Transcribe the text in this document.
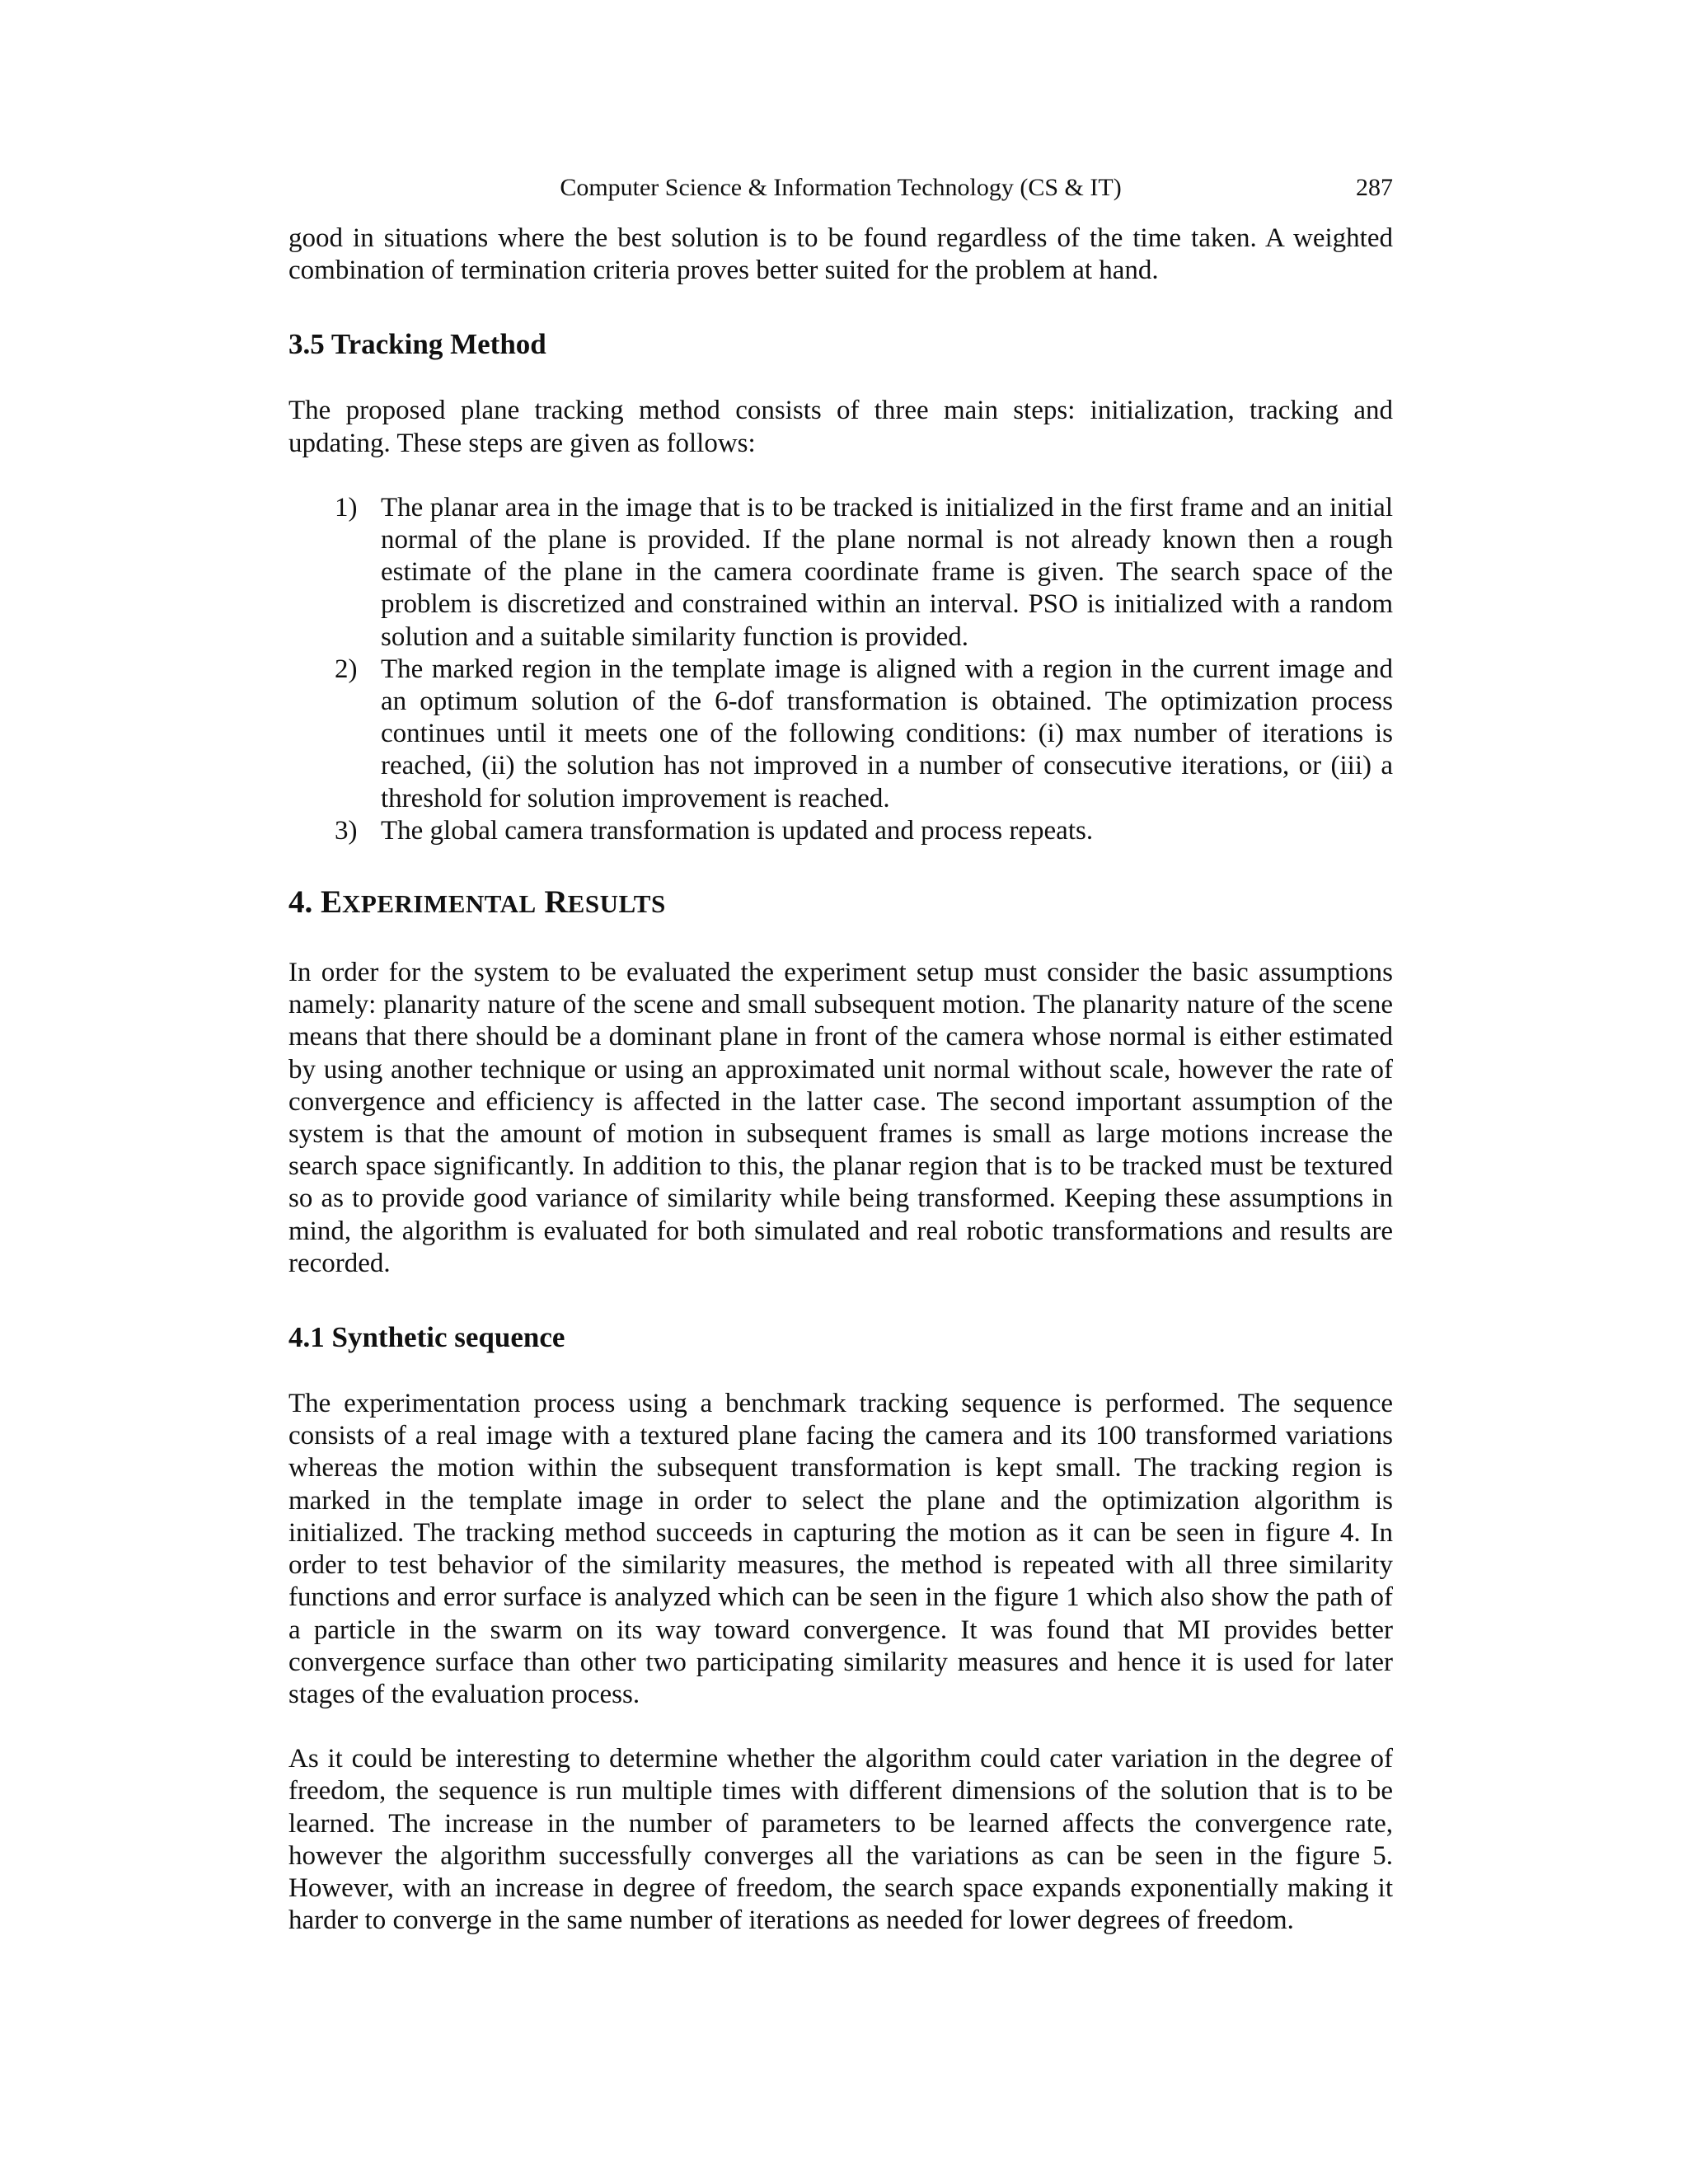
Computer Science & Information Technology (CS & IT)	287

good in situations where the best solution is to be found regardless of the time taken. A weighted combination of termination criteria proves better suited for the problem at hand.

3.5 Tracking Method

The proposed plane tracking method consists of three main steps: initialization, tracking and updating. These steps are given as follows:

1) The planar area in the image that is to be tracked is initialized in the first frame and an initial normal of the plane is provided. If the plane normal is not already known then a rough estimate of the plane in the camera coordinate frame is given. The search space of the problem is discretized and constrained within an interval. PSO is initialized with a random solution and a suitable similarity function is provided.
2) The marked region in the template image is aligned with a region in the current image and an optimum solution of the 6-dof transformation is obtained. The optimization process continues until it meets one of the following conditions: (i) max number of iterations is reached, (ii) the solution has not improved in a number of consecutive iterations, or (iii) a threshold for solution improvement is reached.
3) The global camera transformation is updated and process repeats.
4. EXPERIMENTAL RESULTS

In order for the system to be evaluated the experiment setup must consider the basic assumptions namely: planarity nature of the scene and small subsequent motion. The planarity nature of the scene means that there should be a dominant plane in front of the camera whose normal is either estimated by using another technique or using an approximated unit normal without scale, however the rate of convergence and efficiency is affected in the latter case. The second important assumption of the system is that the amount of motion in subsequent frames is small as large motions increase the search space significantly. In addition to this, the planar region that is to be tracked must be textured so as to provide good variance of similarity while being transformed. Keeping these assumptions in mind, the algorithm is evaluated for both simulated and real robotic transformations and results are recorded.

4.1 Synthetic sequence

The experimentation process using a benchmark tracking sequence is performed. The sequence consists of a real image with a textured plane facing the camera and its 100 transformed variations whereas the motion within the subsequent transformation is kept small. The tracking region is marked in the template image in order to select the plane and the optimization algorithm is initialized. The tracking method succeeds in capturing the motion as it can be seen in figure 4. In order to test behavior of the similarity measures, the method is repeated with all three similarity functions and error surface is analyzed which can be seen in the figure 1 which also show the path of a particle in the swarm on its way toward convergence. It was found that MI provides better convergence surface than other two participating similarity measures and hence it is used for later stages of the evaluation process.

As it could be interesting to determine whether the algorithm could cater variation in the degree of freedom, the sequence is run multiple times with different dimensions of the solution that is to be learned. The increase in the number of parameters to be learned affects the convergence rate, however the algorithm successfully converges all the variations as can be seen in the figure 5. However, with an increase in degree of freedom, the search space expands exponentially making it harder to converge in the same number of iterations as needed for lower degrees of freedom.
